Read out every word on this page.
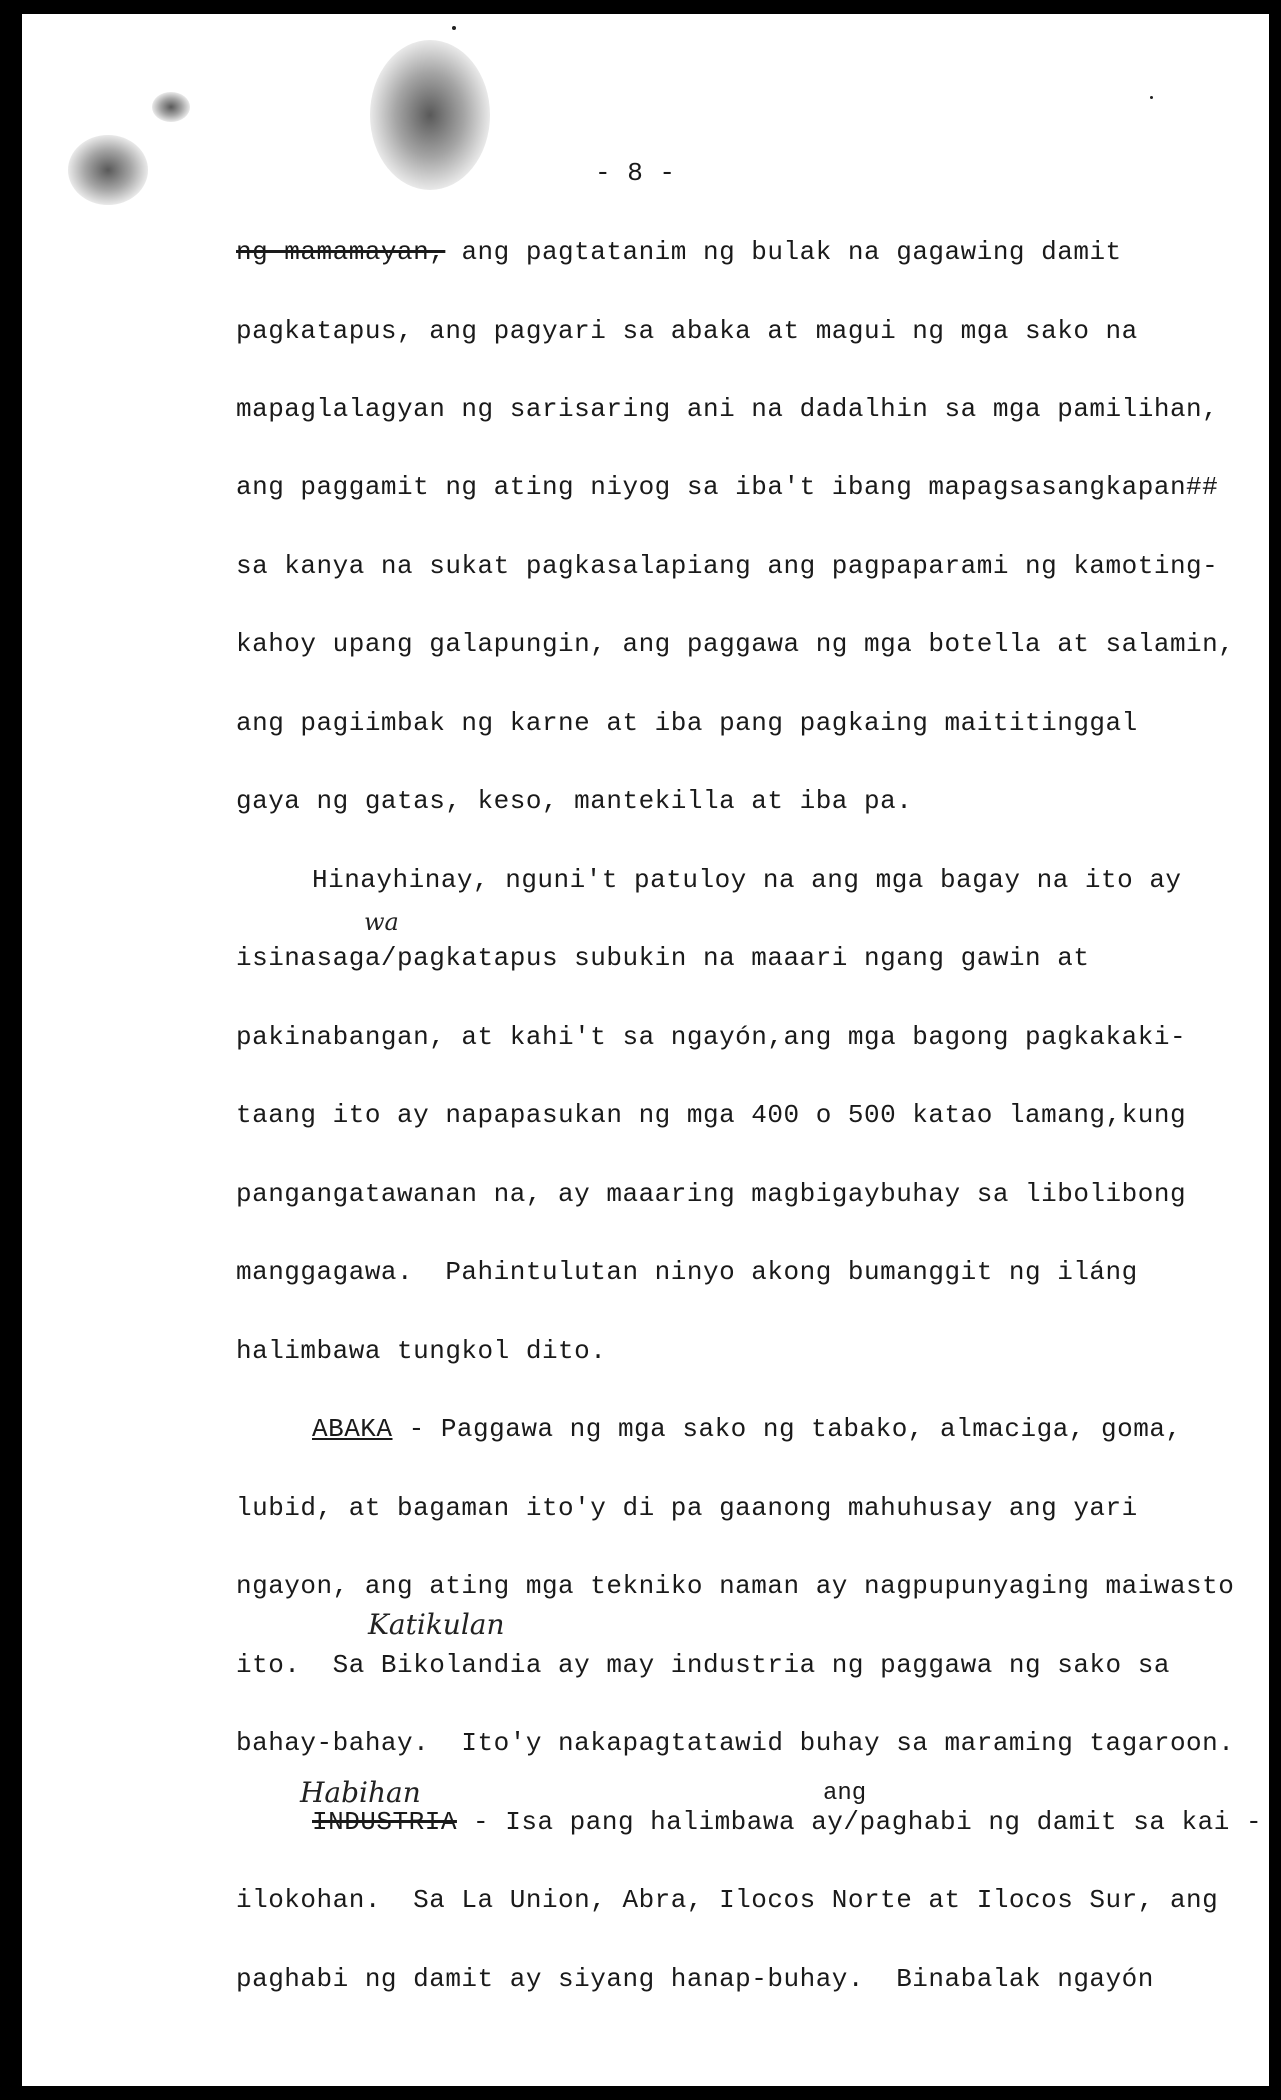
- 8 -
ng mamamayan, ang pagtatanim ng bulak na gagawing damit
pagkatapus, ang pagyari sa abaka at magui ng mga sako na
mapaglalagyan ng sarisaring ani na dadalhin sa mga pamilihan,
ang paggamit ng ating niyog sa iba't ibang mapagsasangkapan##
sa kanya na sukat pagkasalapiang ang pagpaparami ng kamoting-
kahoy upang galapungin, ang paggawa ng mga botella at salamin,
ang pagiimbak ng karne at iba pang pagkaing maititinggal
gaya ng gatas, keso, mantekilla at iba pa.
Hinayhinay, nguni't patuloy na ang mga bagay na ito ay
wa
isinasaga/pagkatapus subukin na maaari ngang gawin at
pakinabangan, at kahi't sa ngayón,ang mga bagong pagkakaki-
taang ito ay napapasukan ng mga 400 o 500 katao lamang,kung
pangangatawanan na, ay maaaring magbigaybuhay sa libolibong
manggagawa.  Pahintulutan ninyo akong bumanggit ng iláng
halimbawa tungkol dito.
ABAKA - Paggawa ng mga sako ng tabako, almaciga, goma,
lubid, at bagaman ito'y di pa gaanong mahuhusay ang yari
ngayon, ang ating mga tekniko naman ay nagpupunyaging maiwasto
Katikulan
ito.  Sa Bikolandia ay may industria ng paggawa ng sako sa
bahay-bahay.  Ito'y nakapagtatawid buhay sa maraming tagaroon.
Habihan	ang
INDUSTRIA - Isa pang halimbawa ay/paghabi ng damit sa kai -
ilokohan.  Sa La Union, Abra, Ilocos Norte at Ilocos Sur, ang
paghabi ng damit ay siyang hanap-buhay.  Binabalak ngayón
